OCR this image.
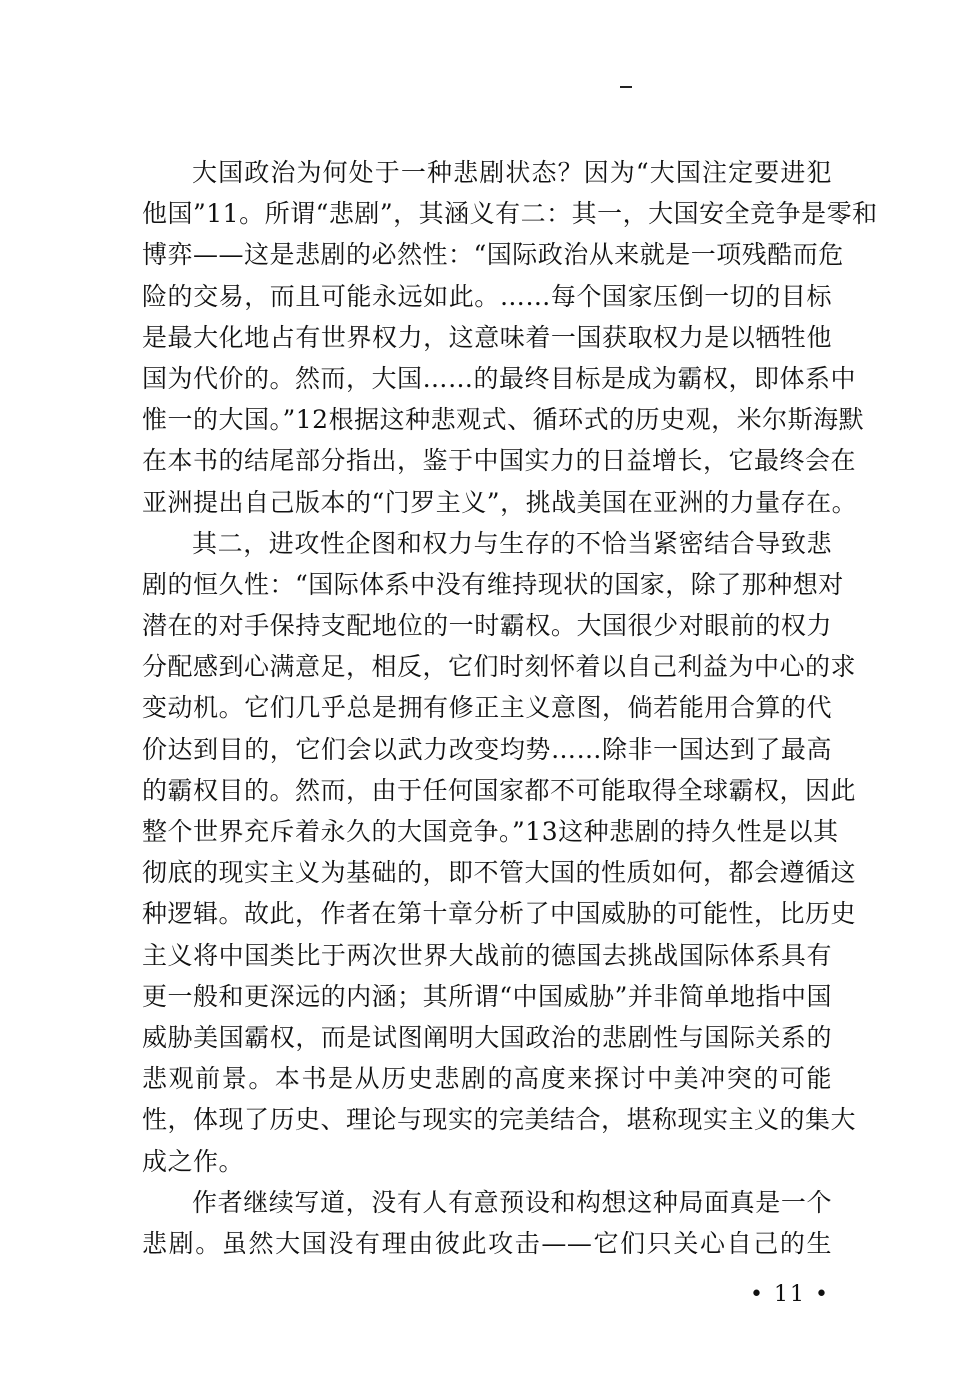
大国政治为何处于一种悲剧状态？因为“大国注定要进犯
他国”11。所谓“悲剧”，其涵义有二：其一，大国安全竞争是零和
博弈——这是悲剧的必然性：“国际政治从来就是一项残酷而危
险的交易，而且可能永远如此。……每个国家压倒一切的目标
是最大化地占有世界权力，这意味着一国获取权力是以牺牲他
国为代价的。然而，大国……的最终目标是成为霸权，即体系中
惟一的大国。”12根据这种悲观式、循环式的历史观，米尔斯海默
在本书的结尾部分指出，鉴于中国实力的日益增长，它最终会在
亚洲提出自己版本的“门罗主义”，挑战美国在亚洲的力量存在。
其二，进攻性企图和权力与生存的不恰当紧密结合导致悲
剧的恒久性：“国际体系中没有维持现状的国家，除了那种想对
潜在的对手保持支配地位的一时霸权。大国很少对眼前的权力
分配感到心满意足，相反，它们时刻怀着以自己利益为中心的求
变动机。它们几乎总是拥有修正主义意图，倘若能用合算的代
价达到目的，它们会以武力改变均势……除非一国达到了最高
的霸权目的。然而，由于任何国家都不可能取得全球霸权，因此
整个世界充斥着永久的大国竞争。”13这种悲剧的持久性是以其
彻底的现实主义为基础的，即不管大国的性质如何，都会遵循这
种逻辑。故此，作者在第十章分析了中国威胁的可能性，比历史
主义将中国类比于两次世界大战前的德国去挑战国际体系具有
更一般和更深远的内涵；其所谓“中国威胁”并非简单地指中国
威胁美国霸权，而是试图阐明大国政治的悲剧性与国际关系的
悲观前景。本书是从历史悲剧的高度来探讨中美冲突的可能
性，体现了历史、理论与现实的完美结合，堪称现实主义的集大
成之作。
作者继续写道，没有人有意预设和构想这种局面真是一个
悲剧。虽然大国没有理由彼此攻击——它们只关心自己的生
• 11 •
